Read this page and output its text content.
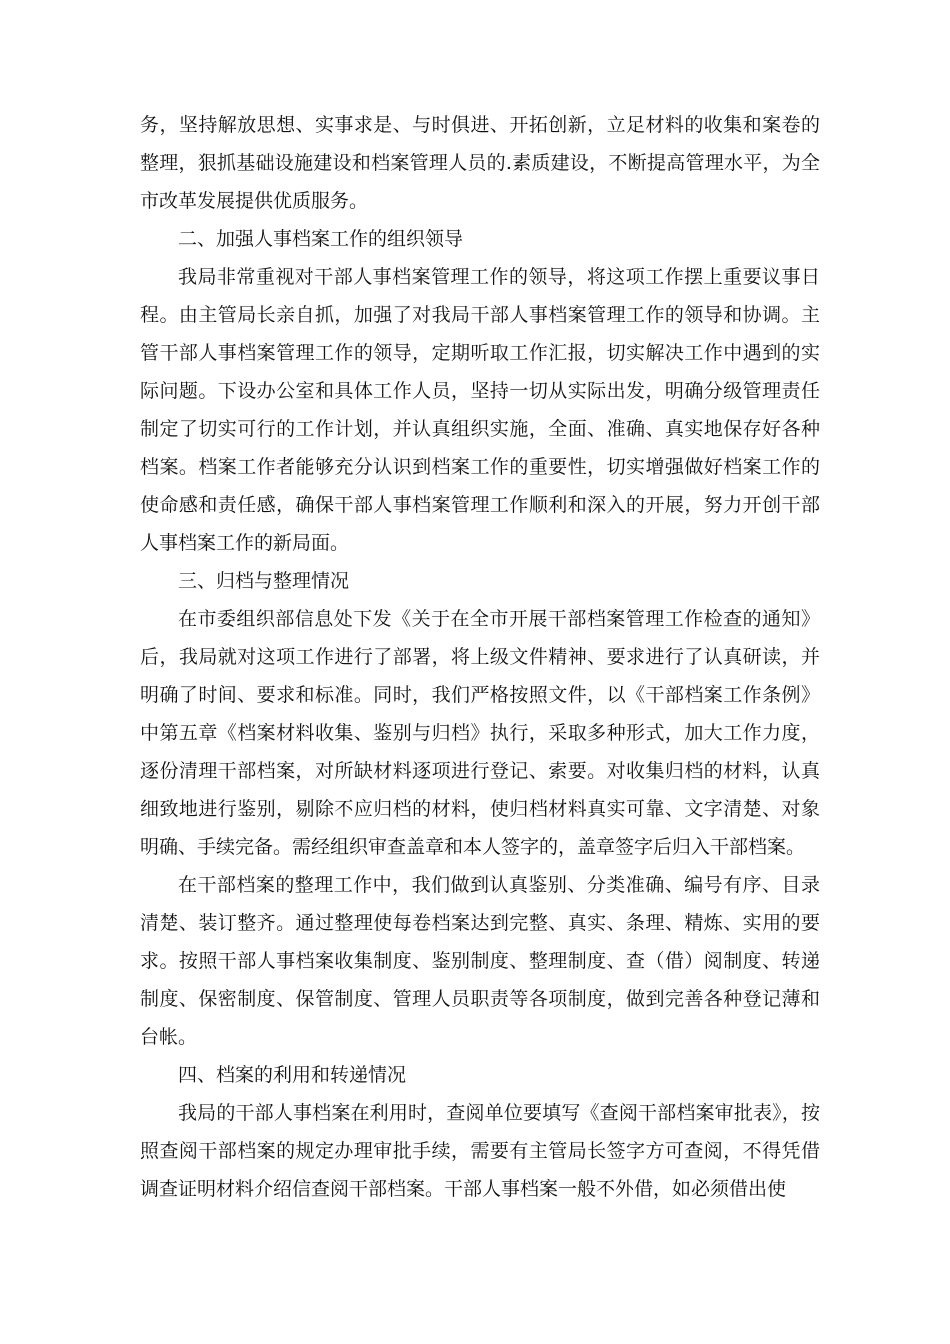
务，坚持解放思想、实事求是、与时俱进、开拓创新，立足材料的收集和案卷的整理，狠抓基础设施建设和档案管理人员的.素质建设，不断提高管理水平，为全市改革发展提供优质服务。

二、加强人事档案工作的组织领导

我局非常重视对干部人事档案管理工作的领导，将这项工作摆上重要议事日程。由主管局长亲自抓，加强了对我局干部人事档案管理工作的领导和协调。主管干部人事档案管理工作的领导，定期听取工作汇报，切实解决工作中遇到的实际问题。下设办公室和具体工作人员，坚持一切从实际出发，明确分级管理责任制定了切实可行的工作计划，并认真组织实施，全面、准确、真实地保存好各种档案。档案工作者能够充分认识到档案工作的重要性，切实增强做好档案工作的使命感和责任感，确保干部人事档案管理工作顺利和深入的开展，努力开创干部人事档案工作的新局面。

三、归档与整理情况

在市委组织部信息处下发《关于在全市开展干部档案管理工作检查的通知》后，我局就对这项工作进行了部署，将上级文件精神、要求进行了认真研读，并明确了时间、要求和标准。同时，我们严格按照文件，以《干部档案工作条例》中第五章《档案材料收集、鉴别与归档》执行，采取多种形式，加大工作力度，逐份清理干部档案，对所缺材料逐项进行登记、索要。对收集归档的材料，认真细致地进行鉴别，剔除不应归档的材料，使归档材料真实可靠、文字清楚、对象明确、手续完备。需经组织审查盖章和本人签字的，盖章签字后归入干部档案。

在干部档案的整理工作中，我们做到认真鉴别、分类准确、编号有序、目录清楚、装订整齐。通过整理使每卷档案达到完整、真实、条理、精炼、实用的要求。按照干部人事档案收集制度、鉴别制度、整理制度、查（借）阅制度、转递制度、保密制度、保管制度、管理人员职责等各项制度，做到完善各种登记薄和台帐。

四、档案的利用和转递情况

我局的干部人事档案在利用时，查阅单位要填写《查阅干部档案审批表》，按照查阅干部档案的规定办理审批手续，需要有主管局长签字方可查阅，不得凭借调查证明材料介绍信查阅干部档案。干部人事档案一般不外借，如必须借出使
